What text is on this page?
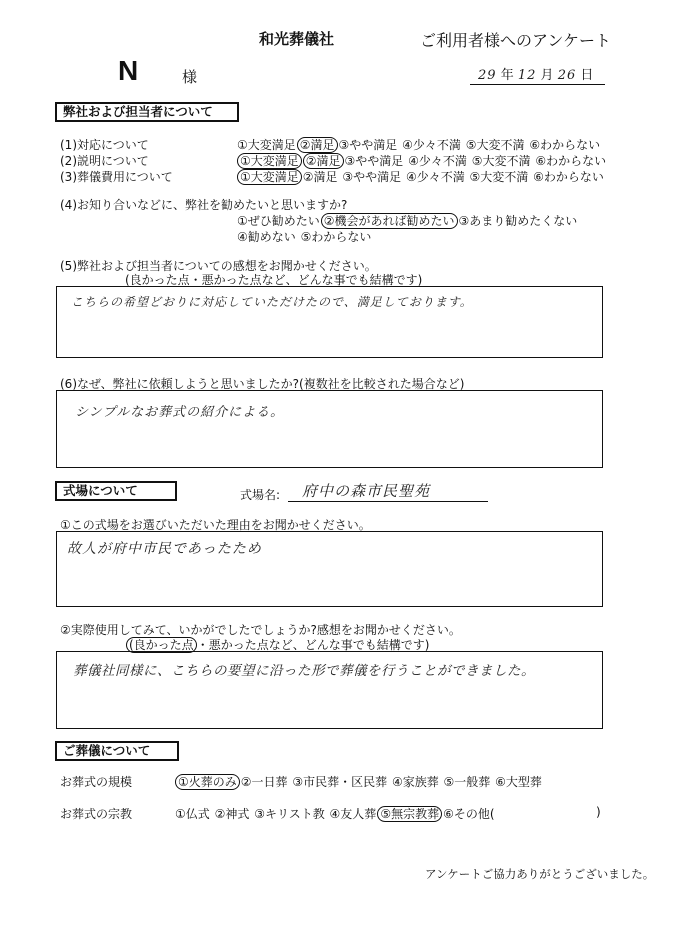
和光葬儀社	ご利用者様へのアンケート
N	様	29 年 12 月 26 日
弊社および担当者について
(1)対応について	①大変満足 ②満足 ③やや満足 ④少々不満 ⑤大変不満 ⑥わからない
(2)説明について	①大変満足 ②満足 ③やや満足 ④少々不満 ⑤大変不満 ⑥わからない
(3)葬儀費用について	①大変満足 ②満足 ③やや満足 ④少々不満 ⑤大変不満 ⑥わからない
(4)お知り合いなどに、弊社を勧めたいと思いますか?
①ぜひ勧めたい ②機会があれば勧めたい ③あまり勧めたくない
④勧めない ⑤わからない
(5)弊社および担当者についての感想をお聞かせください。
(良かった点・悪かった点など、どんな事でも結構です)
こちらの希望どおりに対応していただけたので、満足しております。
(6)なぜ、弊社に依頼しようと思いましたか?(複数社を比較された場合など)
シンプルなお葬式の紹介による。
式場について	式場名: 府中の森市民聖苑
①この式場をお選びいただいた理由をお聞かせください。
故人が府中市民であったため
②実際使用してみて、いかがでしたでしょうか?感想をお聞かせください。
(良かった点 ・悪かった点など、どんな事でも結構です)
葬儀社同様に、こちらの要望に沿った形で葬儀を行うことができました。
ご葬儀について
お葬式の規模	①火葬のみ ②一日葬 ③市民葬・区民葬 ④家族葬 ⑤一般葬 ⑥大型葬
お葬式の宗教	①仏式 ②神式 ③キリスト教 ④友人葬 ⑤無宗教葬 ⑥その他(	)
アンケートご協力ありがとうございました。
